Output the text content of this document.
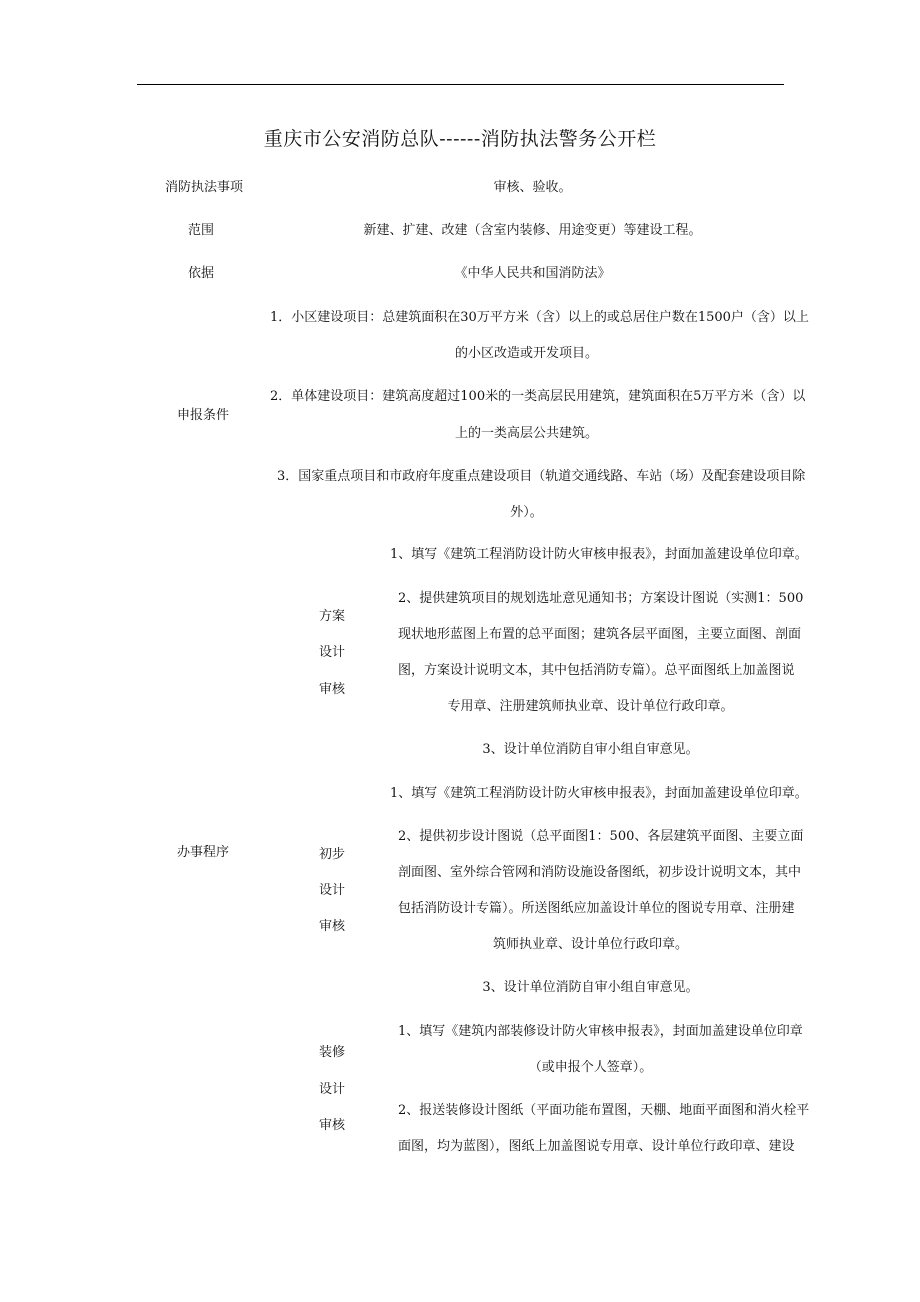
重庆市公安消防总队------消防执法警务公开栏
消防执法事项
范围
依据
申报条件
办事程序
审核、验收。
新建、扩建、改建（含室内装修、用途变更）等建设工程。
《中华人民共和国消防法》
1．小区建设项目：总建筑面积在30万平方米（含）以上的或总居住户数在1500户（含）以上
的小区改造或开发项目。
2．单体建设项目：建筑高度超过100米的一类高层民用建筑，建筑面积在5万平方米（含）以
上的一类高层公共建筑。
3．国家重点项目和市政府年度重点建设项目（轨道交通线路、车站（场）及配套建设项目除
外）。
方案
设计
审核
1、填写《建筑工程消防设计防火审核申报表》，封面加盖建设单位印章。
2、提供建筑项目的规划选址意见通知书；方案设计图说（实测1：500
现状地形蓝图上布置的总平面图；建筑各层平面图，主要立面图、剖面
图，方案设计说明文本，其中包括消防专篇）。总平面图纸上加盖图说
专用章、注册建筑师执业章、设计单位行政印章。
3、设计单位消防自审小组自审意见。
初步
设计
审核
1、填写《建筑工程消防设计防火审核申报表》，封面加盖建设单位印章。
2、提供初步设计图说（总平面图1：500、各层建筑平面图、主要立面
剖面图、室外综合管网和消防设施设备图纸，初步设计说明文本，其中
包括消防设计专篇）。所送图纸应加盖设计单位的图说专用章、注册建
筑师执业章、设计单位行政印章。
3、设计单位消防自审小组自审意见。
装修
设计
审核
1、填写《建筑内部装修设计防火审核申报表》，封面加盖建设单位印章
（或申报个人签章）。
2、报送装修设计图纸（平面功能布置图，天棚、地面平面图和消火栓平
面图，均为蓝图），图纸上加盖图说专用章、设计单位行政印章、建设
